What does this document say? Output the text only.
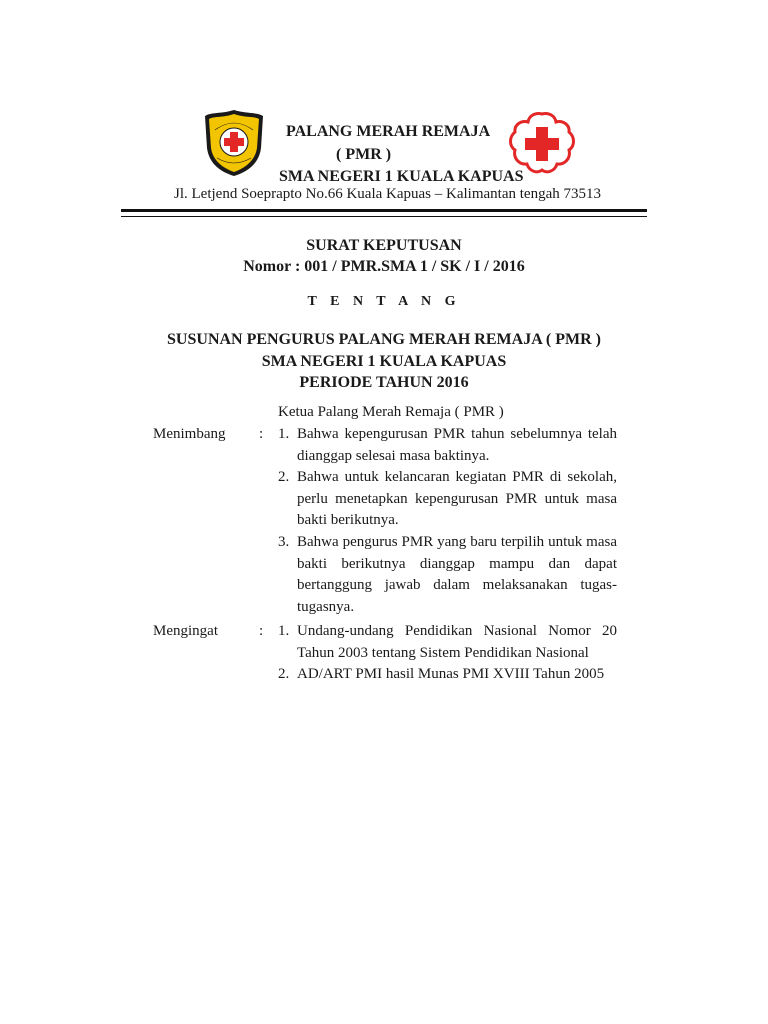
PALANG MERAH REMAJA
( PMR )
SMA NEGERI 1 KUALA KAPUAS
Jl. Letjend Soeprapto No.66 Kuala Kapuas – Kalimantan tengah 73513
SURAT KEPUTUSAN
Nomor : 001 / PMR.SMA 1 / SK / I / 2016
T E N T A N G
SUSUNAN PENGURUS PALANG MERAH REMAJA ( PMR )
SMA NEGERI 1 KUALA KAPUAS
PERIODE TAHUN 2016
Ketua Palang Merah Remaja ( PMR )
Menimbang : 1. Bahwa kepengurusan PMR tahun sebelumnya telah
dianggap selesai masa baktinya.
2. Bahwa untuk kelancaran kegiatan PMR di sekolah,
perlu menetapkan kepengurusan PMR untuk masa
bakti berikutnya.
3. Bahwa pengurus PMR yang baru terpilih untuk masa
bakti berikutnya dianggap mampu dan dapat
bertanggung jawab dalam melaksanakan tugas-
tugasnya.
Mengingat	: 1. Undang-undang Pendidikan Nasional Nomor 20
Tahun 2003 tentang Sistem Pendidikan Nasional
2. AD/ART PMI hasil Munas PMI XVIII Tahun 2005
